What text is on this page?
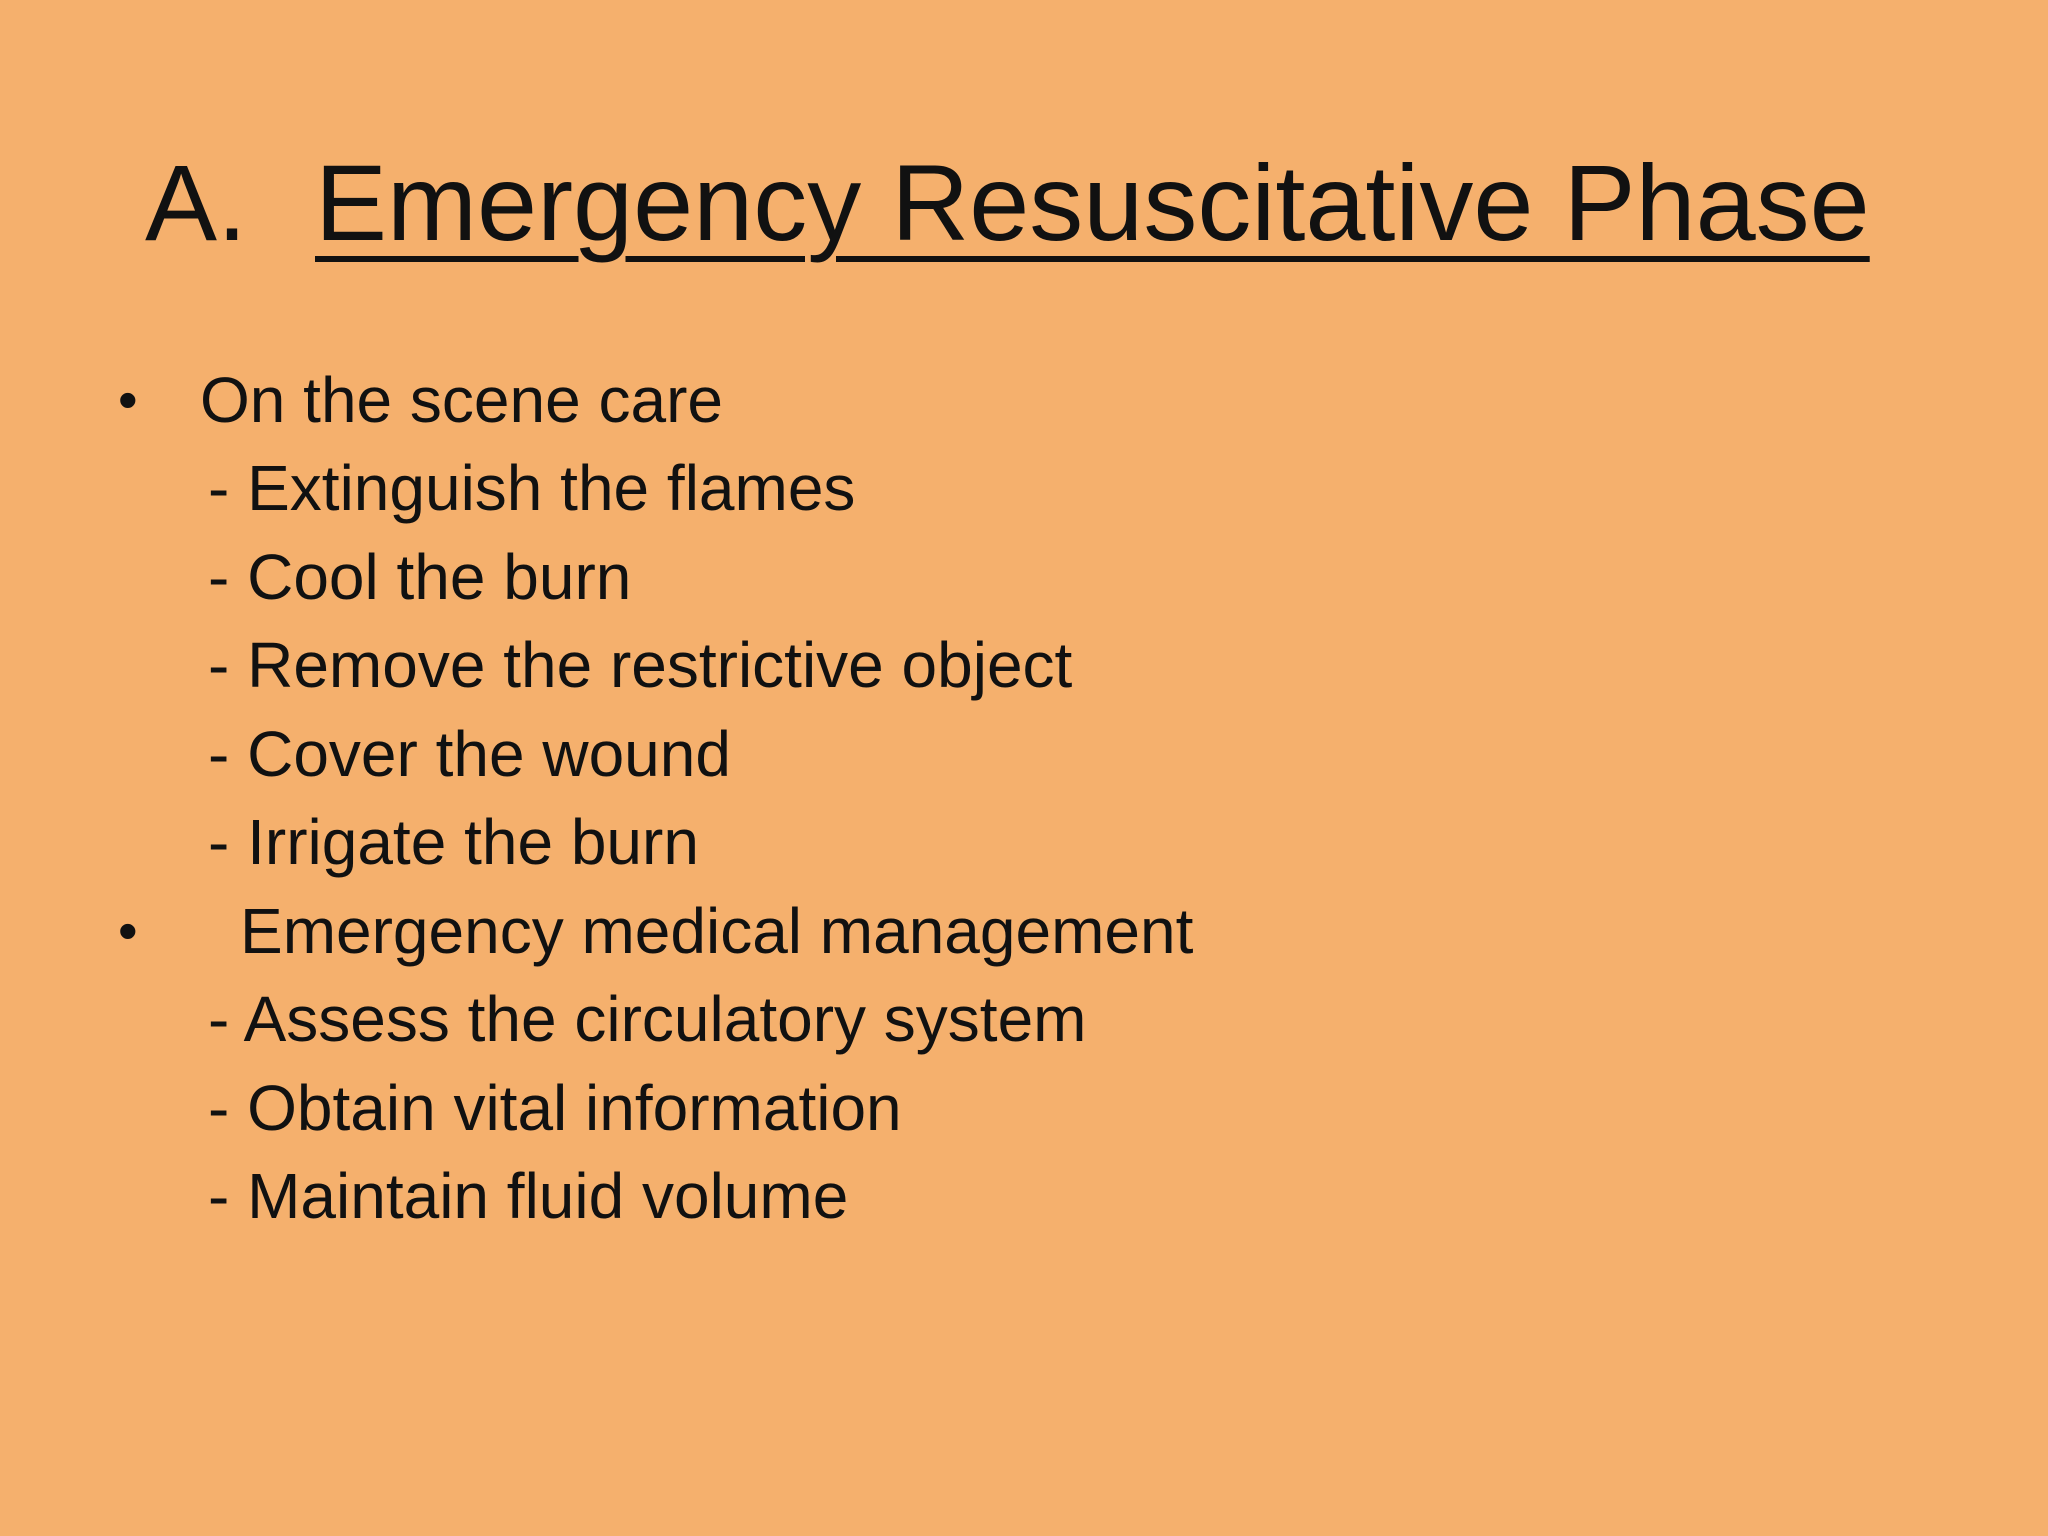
A. Emergency Resuscitative Phase
• On the scene care
- Extinguish the flames
- Cool the burn
- Remove the restrictive object
- Cover the wound
- Irrigate the burn
• Emergency medical management
- Assess the circulatory system
- Obtain vital information
- Maintain fluid volume
